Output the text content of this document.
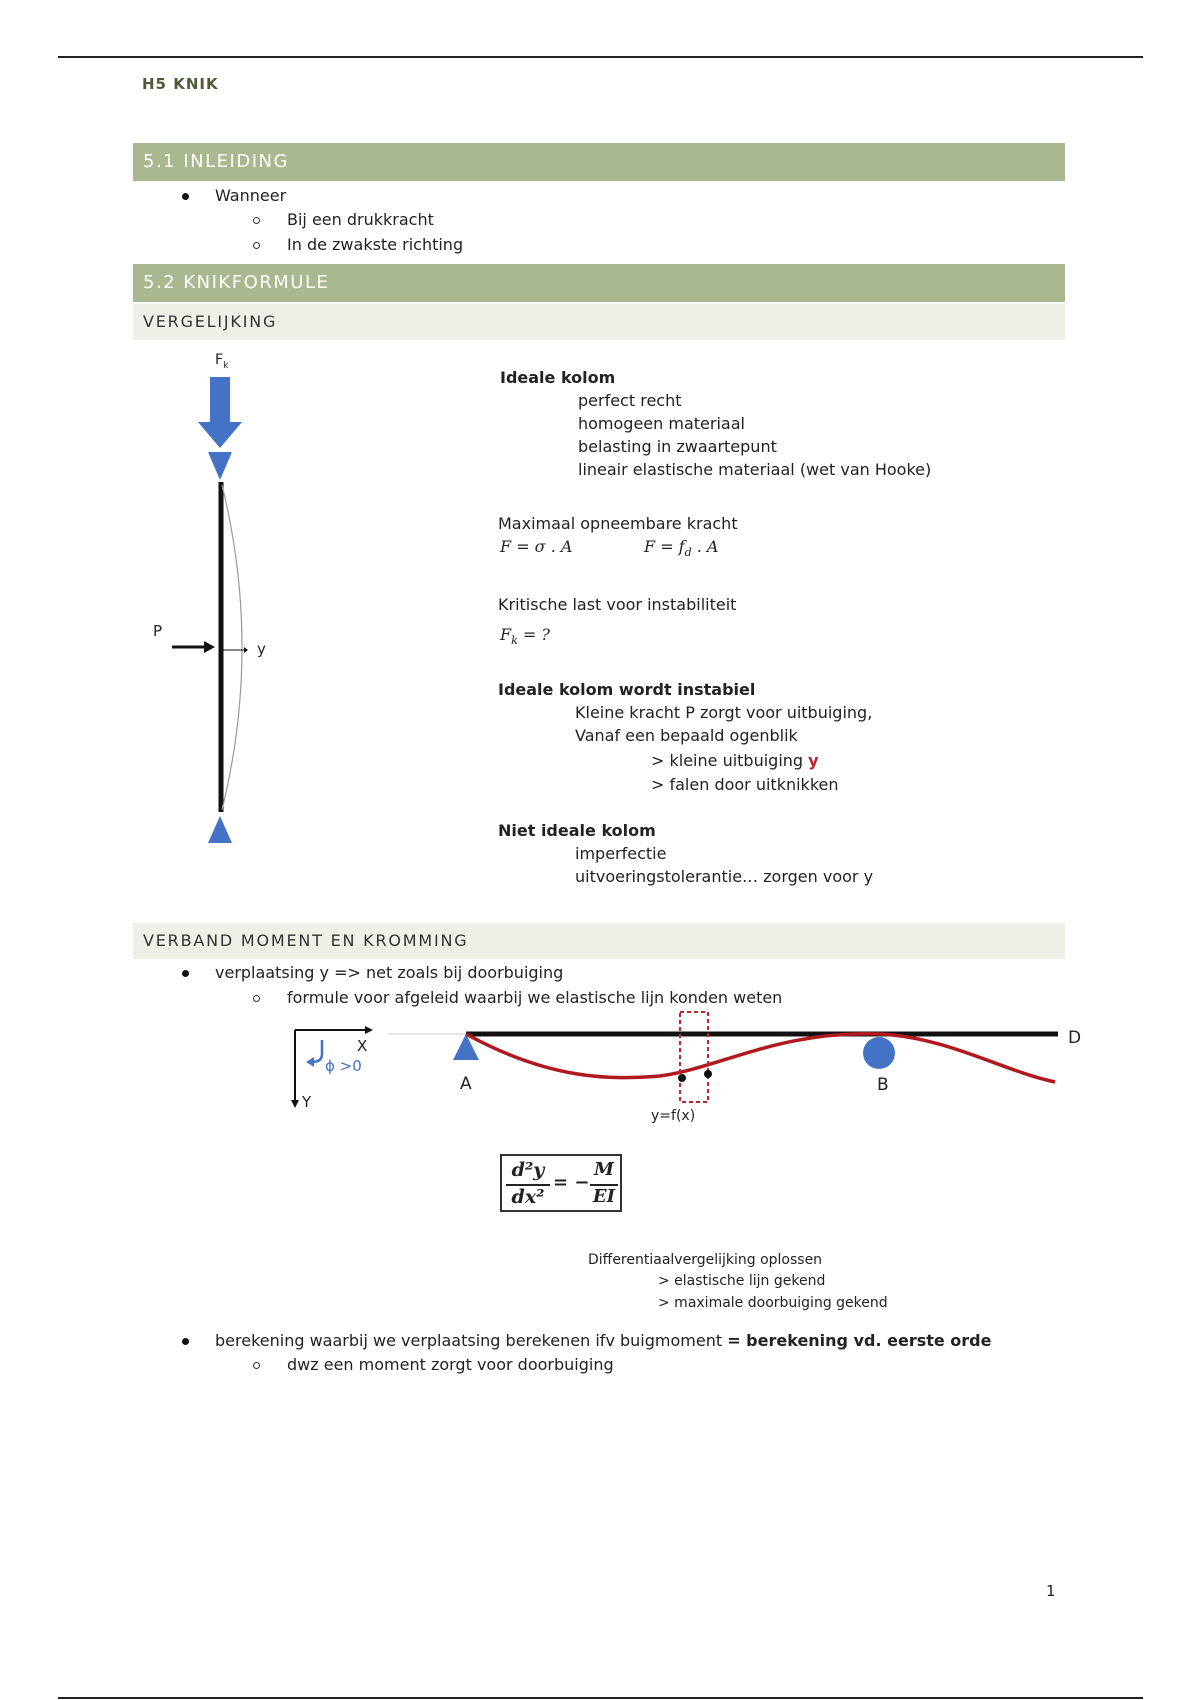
H5 KNIK
5.1 INLEIDING
Wanneer
Bij een drukkracht
In de zwakste richting
5.2 KNIKFORMULE
VERGELIJKING
$F_k$
P
y
Ideale kolom
perfect recht
homogeen materiaal
belasting in zwaartepunt
lineair elastische materiaal (wet van Hooke)
Maximaal opneembare kracht
F = σ . A	$F = f_d$ . A
Kritische last voor instabiliteit
$F_k$ = ?
Ideale kolom wordt instabiel
Kleine kracht P zorgt voor uitbuiging,
Vanaf een bepaald ogenblik
> kleine uitbuiging y
> falen door uitknikken
Niet ideale kolom
imperfectie
uitvoeringstolerantie… zorgen voor y
VERBAND MOMENT EN KROMMING
verplaatsing y => net zoals bij doorbuiging
formule voor afgeleid waarbij we elastische lijn konden weten
X
Y
ϕ >0
A	B
D
y=f(x)
d²y
dx²
= −
M
EI
Differentiaalvergelijking oplossen
> elastische lijn gekend
> maximale doorbuiging gekend
berekening waarbij we verplaatsing berekenen ifv buigmoment = berekening vd. eerste orde
dwz een moment zorgt voor doorbuiging
1
